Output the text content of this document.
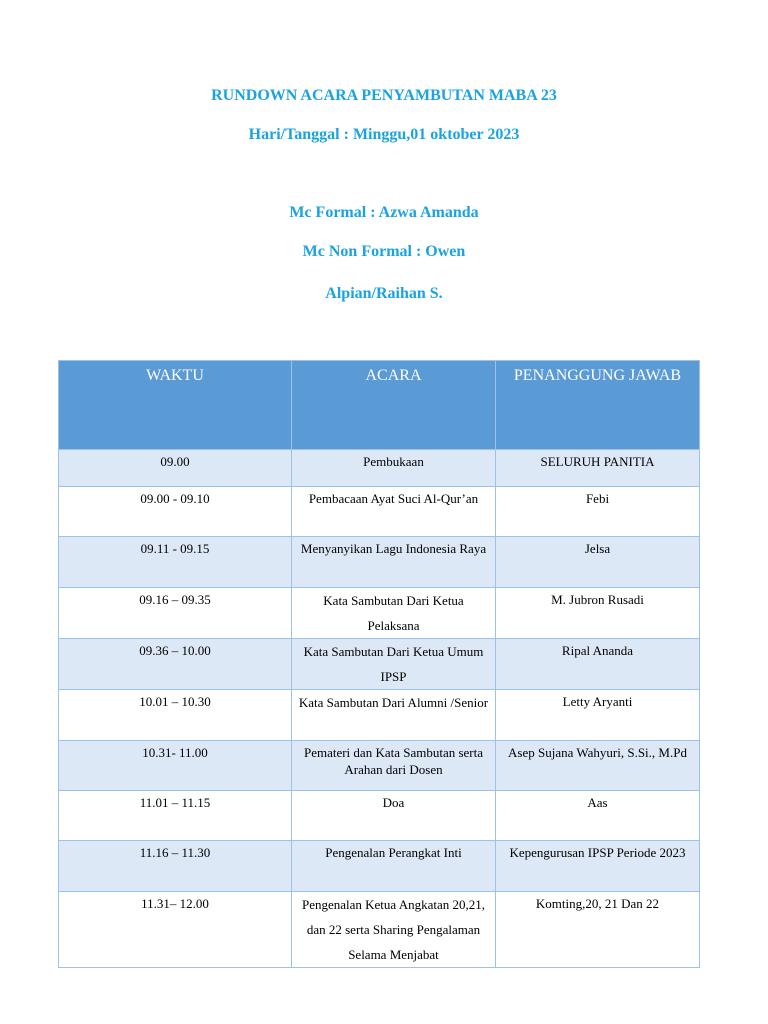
RUNDOWN ACARA PENYAMBUTAN MABA 23
Hari/Tanggal : Minggu,01 oktober 2023
Mc Formal : Azwa Amanda
Mc Non Formal : Owen
Alpian/Raihan S.
WAKTU	ACARA	PENANGGUNG JAWAB
09.00	Pembukaan	SELURUH PANITIA
09.00 - 09.10	Pembacaan Ayat Suci Al-Qur’an	Febi
09.11 - 09.15	Menyanyikan Lagu Indonesia Raya	Jelsa
09.16 – 09.35	Kata Sambutan Dari Ketua Pelaksana	M. Jubron Rusadi
09.36 – 10.00	Kata Sambutan Dari Ketua Umum IPSP	Ripal Ananda
10.01 – 10.30	Kata Sambutan Dari Alumni /Senior	Letty Aryanti
10.31- 11.00	Pemateri dan Kata Sambutan serta Arahan dari Dosen	Asep Sujana Wahyuri, S.Si., M.Pd
11.01 – 11.15	Doa	Aas
11.16 – 11.30	Pengenalan Perangkat Inti	Kepengurusan IPSP Periode 2023
11.31– 12.00	Pengenalan Ketua Angkatan 20,21, dan 22 serta Sharing Pengalaman Selama Menjabat	Komting,20, 21 Dan 22
